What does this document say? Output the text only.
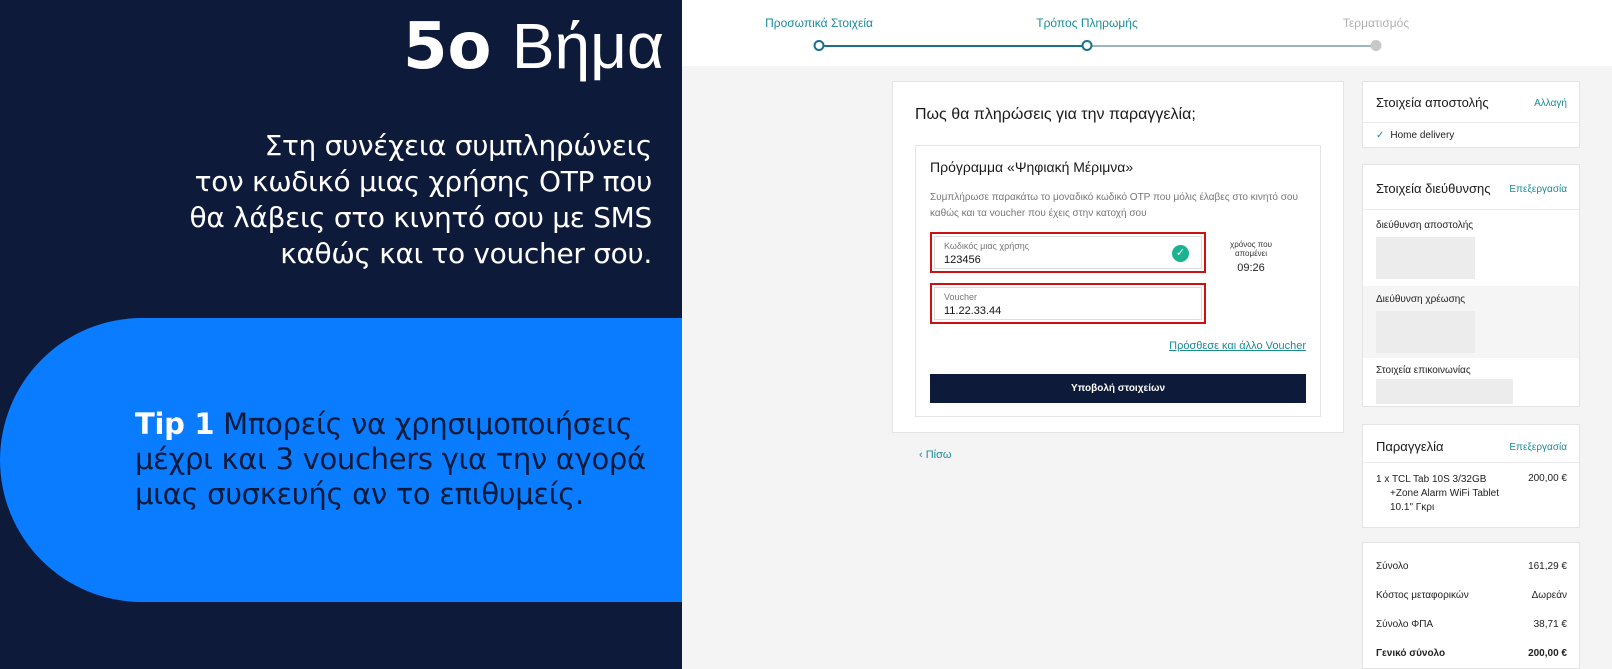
5ο Βήμα
Στη συνέχεια συμπληρώνεις
τον κωδικό μιας χρήσης OTP που
θα λάβεις στο κινητό σου με SMS
καθώς και το voucher σου.
Tip 1 Μπορείς να χρησιμοποιήσεις μέχρι και 3 vouchers για την αγορά μιας συσκευής αν το επιθυμείς.
Προσωπικά Στοιχεία	Τρόπος Πληρωμής	Τερματισμός
Πως θα πληρώσεις για την παραγγελία;
Πρόγραμμα «Ψηφιακή Μέριμνα»
Συμπλήρωσε παρακάτω το μοναδικό κωδικό OTP που μόλις έλαβες στο κινητό σου καθώς και τα voucher που έχεις στην κατοχή σου
Κωδικός μιας χρήσης
123456
✓
χρόνος που
απομένει
09:26
Voucher
11.22.33.44
Πρόσθεσε και άλλο Voucher
Υποβολή στοιχείων
‹ Πίσω
Στοιχεία αποστολής	Αλλαγή
✓ Home delivery
Στοιχεία διεύθυνσης Επεξεργασία
διεύθυνση αποστολής
Διεύθυνση χρέωσης
Στοιχεία επικοινωνίας
Παραγγελία	Επεξεργασία
1 x TCL Tab 10S 3/32GB
+Zone Alarm WiFi Tablet
10.1" Γκρι
200,00 €
Σύνολο	161,29 €
Κόστος μεταφορικών	Δωρεάν
Σύνολο ΦΠΑ	38,71 €
Γενικό σύνολο	200,00 €
